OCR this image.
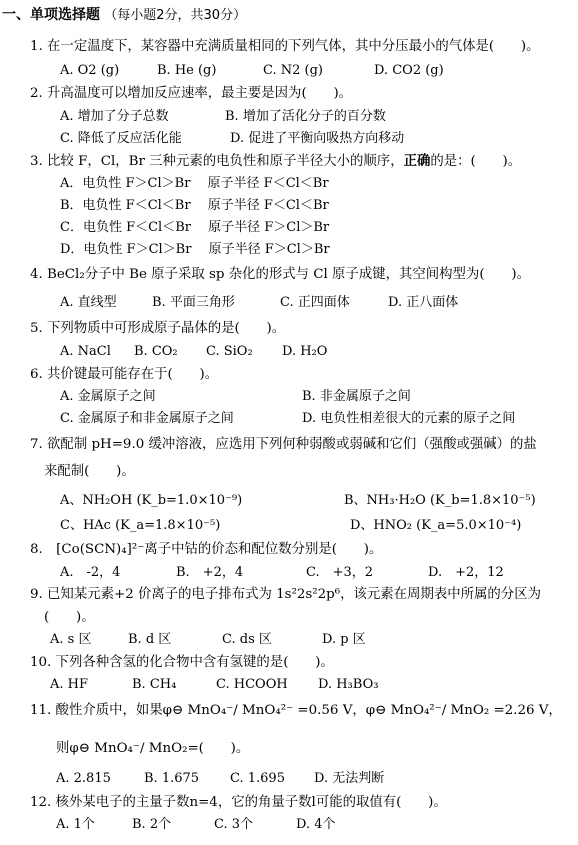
一、单项选择题 （每小题2分，共30分）
1. 在一定温度下，某容器中充满质量相同的下列气体，其中分压最小的气体是(　　)。
A. O2 (g)	B. He (g)	C. N2 (g)	D. CO2 (g)
2. 升高温度可以增加反应速率，最主要是因为(　　)。
A. 增加了分子总数	B. 增加了活化分子的百分数
C. 降低了反应活化能	D. 促进了平衡向吸热方向移动
3. 比较 F，Cl，Br 三种元素的电负性和原子半径大小的顺序，正确的是：(　　)。
A．电负性 F＞Cl＞Br　 原子半径 F＜Cl＜Br
B．电负性 F＜Cl＜Br　 原子半径 F＜Cl＜Br
C．电负性 F＜Cl＜Br　 原子半径 F＞Cl＞Br
D．电负性 F＞Cl＞Br　 原子半径 F＞Cl＞Br
4. BeCl₂分子中 Be 原子采取 sp 杂化的形式与 Cl 原子成键，其空间构型为(　　)。
A. 直线型	B. 平面三角形	C. 正四面体	D. 正八面体
5. 下列物质中可形成原子晶体的是(　　)。
A. NaCl B. CO₂ C. SiO₂ D. H₂O
6. 共价键最可能存在于(　　)。
A. 金属原子之间	B. 非金属原子之间
C. 金属原子和非金属原子之间	D. 电负性相差很大的元素的原子之间
7. 欲配制 pH=9.0 缓冲溶液，应选用下列何种弱酸或弱碱和它们（强酸或强碱）的盐
来配制(　　)。
A、NH₂OH (K_b=1.0×10⁻⁹)	B、NH₃·H₂O (K_b=1.8×10⁻⁵)
C、HAc (K_a=1.8×10⁻⁵)	D、HNO₂ (K_a=5.0×10⁻⁴)
8.　[Co(SCN)₄]²⁻离子中钴的价态和配位数分别是(　　)。
A.　-2，4	B.　+2，4	C.　+3，2	D.　+2，12
9. 已知某元素+2 价离子的电子排布式为 1s²2s²2p⁶，该元素在周期表中所属的分区为
(　　)。
A. s 区	B. d 区	C. ds 区	D. p 区
10. 下列各种含氢的化合物中含有氢键的是(　　)。
A. HF	B. CH₄	C. HCOOH D. H₃BO₃
11. 酸性介质中，如果φ⊖ MnO₄⁻/ MnO₄²⁻ =0.56 V，φ⊖ MnO₄²⁻/ MnO₂ =2.26 V，
则φ⊖ MnO₄⁻/ MnO₂=(　　)。
A. 2.815	B. 1.675 C. 1.695 D. 无法判断
12. 核外某电子的主量子数n=4，它的角量子数l可能的取值有(　　)。
A. 1个	B. 2个	C. 3个	D. 4个
